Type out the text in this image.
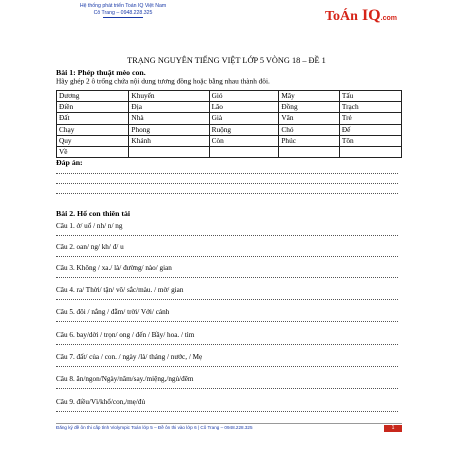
Hệ thống phát triển Toán IQ Việt Nam
Cô Trang – 0948.228.325	ToÁn IQ.com
TRẠNG NGUYÊN TIẾNG VIỆT LỚP 5 VÒNG 18 – ĐỀ 1
Bài 1: Phép thuật mèo con.
Hãy ghép 2 ô trống chứa nội dung tương đồng hoặc bằng nhau thành đôi.
Dương	Khuyển	Gió	Mây	Tấu
Điền	Địa	Lão	Đồng	Trạch
Đất	Nhà	Già	Vân	Trẻ
Chạy	Phong	Ruộng	Chó	Đế
Quy	Khánh	Còn	Phúc	Tôn
Về				
Đáp án:
Bài 2. Hổ con thiên tài
Câu 1. ở/ uổ / nh/ n/ ng
Câu 2. oan/ ng/ kh/ đ/ u
Câu 3. Không / xa./ là/ đường/ nào/ gian
Câu 4. ra/ Thời/ tận/ vô/ sắc/màu. / mờ/ gian
Câu 5. đôi / nắng / đẫm/ trời/ Với/ cánh
Câu 6. bay/dời / trọn/ ong / đến / Bầy/ hoa. / tìm
Câu 7. đất/ của / con. / ngày /là/ tháng / nước, / Mẹ
Câu 8. ăn/ngon/Ngày/năm/say./miệng,/ngủ/đêm
Câu 9. điều/Vì/khổ/con,/mẹ/đủ
Đăng ký đề ôn thi cấp tỉnh Violympic Toán lớp 5 – Đề ôn thi vào lớp 6 | Cô Trang – 0948.228.325	1
